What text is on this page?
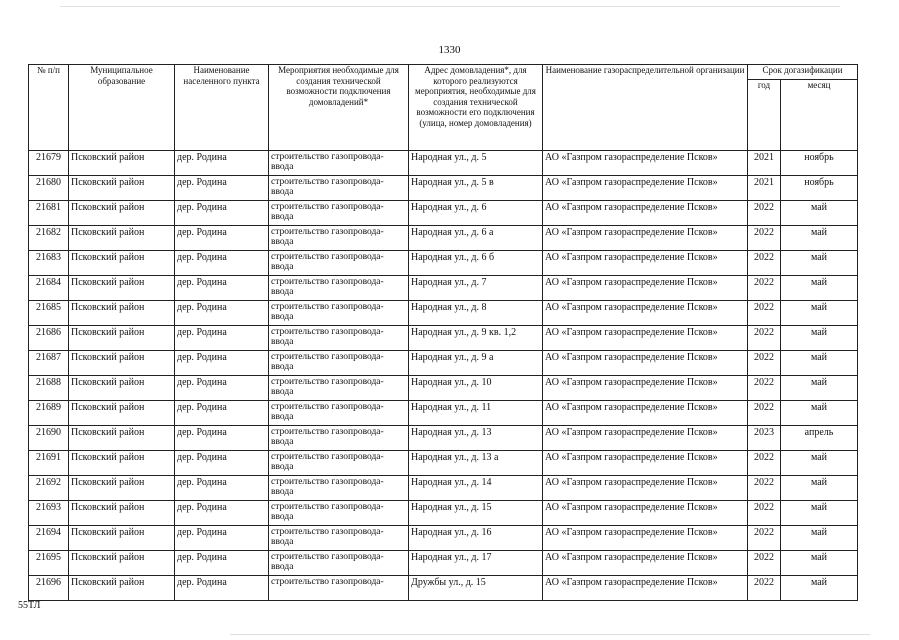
1330
№ п/п	Муниципальное образование	Наименование населенного пункта	Мероприятия необходимые для создания технической возможности подключения домовладений*	Адрес домовладения*, для которого реализуются мероприятия, необходимые для создания технической возможности его подключения (улица, номер домовладения)	Наименование газораспределительной организации	Срок догазификации	
						год	месяц
21679	Псковский район	дер. Родина	строительство газопровода-ввода	Народная ул., д. 5	АО «Газпром газораспределение Псков»	2021	ноябрь
21680	Псковский район	дер. Родина	строительство газопровода-ввода	Народная ул., д. 5 в	АО «Газпром газораспределение Псков»	2021	ноябрь
21681	Псковский район	дер. Родина	строительство газопровода-ввода	Народная ул., д. 6	АО «Газпром газораспределение Псков»	2022	май
21682	Псковский район	дер. Родина	строительство газопровода-ввода	Народная ул., д. 6 а	АО «Газпром газораспределение Псков»	2022	май
21683	Псковский район	дер. Родина	строительство газопровода-ввода	Народная ул., д. 6 б	АО «Газпром газораспределение Псков»	2022	май
21684	Псковский район	дер. Родина	строительство газопровода-ввода	Народная ул., д. 7	АО «Газпром газораспределение Псков»	2022	май
21685	Псковский район	дер. Родина	строительство газопровода-ввода	Народная ул., д. 8	АО «Газпром газораспределение Псков»	2022	май
21686	Псковский район	дер. Родина	строительство газопровода-ввода	Народная ул., д. 9 кв. 1,2	АО «Газпром газораспределение Псков»	2022	май
21687	Псковский район	дер. Родина	строительство газопровода-ввода	Народная ул., д. 9 а	АО «Газпром газораспределение Псков»	2022	май
21688	Псковский район	дер. Родина	строительство газопровода-ввода	Народная ул., д. 10	АО «Газпром газораспределение Псков»	2022	май
21689	Псковский район	дер. Родина	строительство газопровода-ввода	Народная ул., д. 11	АО «Газпром газораспределение Псков»	2022	май
21690	Псковский район	дер. Родина	строительство газопровода-ввода	Народная ул., д. 13	АО «Газпром газораспределение Псков»	2023	апрель
21691	Псковский район	дер. Родина	строительство газопровода-ввода	Народная ул., д. 13 а	АО «Газпром газораспределение Псков»	2022	май
21692	Псковский район	дер. Родина	строительство газопровода-ввода	Народная ул., д. 14	АО «Газпром газораспределение Псков»	2022	май
21693	Псковский район	дер. Родина	строительство газопровода-ввода	Народная ул., д. 15	АО «Газпром газораспределение Псков»	2022	май
21694	Псковский район	дер. Родина	строительство газопровода-ввода	Народная ул., д. 16	АО «Газпром газораспределение Псков»	2022	май
21695	Псковский район	дер. Родина	строительство газопровода-ввода	Народная ул., д. 17	АО «Газпром газораспределение Псков»	2022	май
21696	Псковский район	дер. Родина	строительство газопровода-	Дружбы ул., д. 15	АО «Газпром газораспределение Псков»	2022	май
55ТЛ
